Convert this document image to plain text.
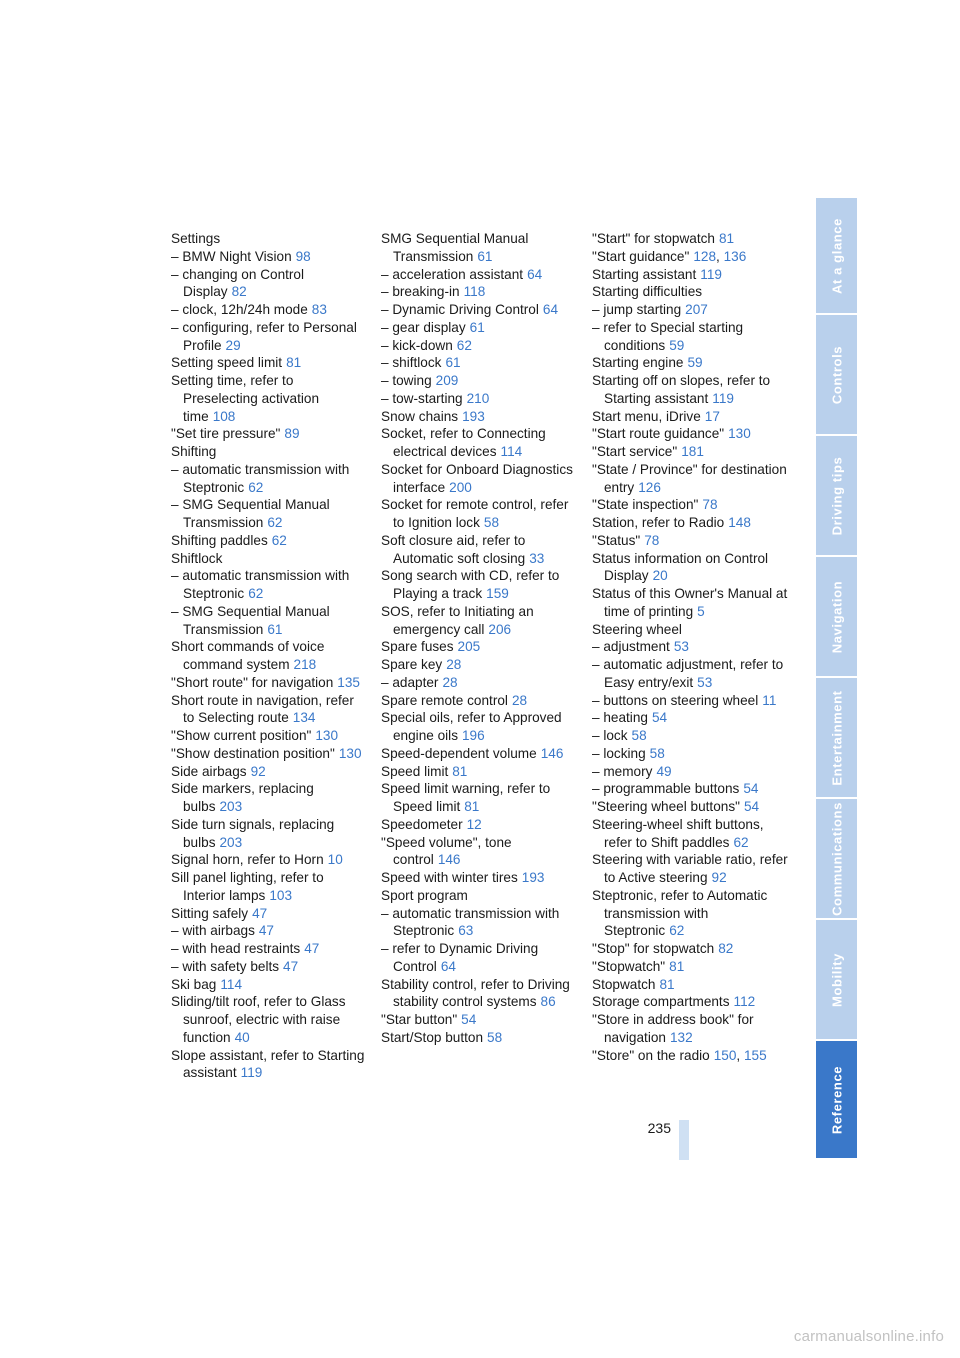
Settings
– BMW Night Vision 98
– changing on Control Display 82
– clock, 12h/24h mode 83
– configuring, refer to Personal Profile 29
Setting speed limit 81
Setting time, refer to Preselecting activation time 108
"Set tire pressure" 89
Shifting
– automatic transmission with Steptronic 62
– SMG Sequential Manual Transmission 62
Shifting paddles 62
Shiftlock
– automatic transmission with Steptronic 62
– SMG Sequential Manual Transmission 61
Short commands of voice command system 218
"Short route" for navigation 135
Short route in navigation, refer to Selecting route 134
"Show current position" 130
"Show destination position" 130
Side airbags 92
Side markers, replacing bulbs 203
Side turn signals, replacing bulbs 203
Signal horn, refer to Horn 10
Sill panel lighting, refer to Interior lamps 103
Sitting safely 47
– with airbags 47
– with head restraints 47
– with safety belts 47
Ski bag 114
Sliding/tilt roof, refer to Glass sunroof, electric with raise function 40
Slope assistant, refer to Starting assistant 119
SMG Sequential Manual Transmission 61
– acceleration assistant 64
– breaking-in 118
– Dynamic Driving Control 64
– gear display 61
– kick-down 62
– shiftlock 61
– towing 209
– tow-starting 210
Snow chains 193
Socket, refer to Connecting electrical devices 114
Socket for Onboard Diagnostics interface 200
Socket for remote control, refer to Ignition lock 58
Soft closure aid, refer to Automatic soft closing 33
Song search with CD, refer to Playing a track 159
SOS, refer to Initiating an emergency call 206
Spare fuses 205
Spare key 28
– adapter 28
Spare remote control 28
Special oils, refer to Approved engine oils 196
Speed-dependent volume 146
Speed limit 81
Speed limit warning, refer to Speed limit 81
Speedometer 12
"Speed volume", tone control 146
Speed with winter tires 193
Sport program
– automatic transmission with Steptronic 63
– refer to Dynamic Driving Control 64
Stability control, refer to Driving stability control systems 86
"Star button" 54
Start/Stop button 58
"Start" for stopwatch 81
"Start guidance" 128, 136
Starting assistant 119
Starting difficulties
– jump starting 207
– refer to Special starting conditions 59
Starting engine 59
Starting off on slopes, refer to Starting assistant 119
Start menu, iDrive 17
"Start route guidance" 130
"Start service" 181
"State / Province" for destination entry 126
"State inspection" 78
Station, refer to Radio 148
"Status" 78
Status information on Control Display 20
Status of this Owner's Manual at time of printing 5
Steering wheel
– adjustment 53
– automatic adjustment, refer to Easy entry/exit 53
– buttons on steering wheel 11
– heating 54
– lock 58
– locking 58
– memory 49
– programmable buttons 54
"Steering wheel buttons" 54
Steering-wheel shift buttons, refer to Shift paddles 62
Steering with variable ratio, refer to Active steering 92
Steptronic, refer to Automatic transmission with Steptronic 62
"Stop" for stopwatch 82
"Stopwatch" 81
Stopwatch 81
Storage compartments 112
"Store in address book" for navigation 132
"Store" on the radio 150, 155
235
At a glance
Controls
Driving tips
Navigation
Entertainment
Communications
Mobility
Reference
carmanualsonline.info
